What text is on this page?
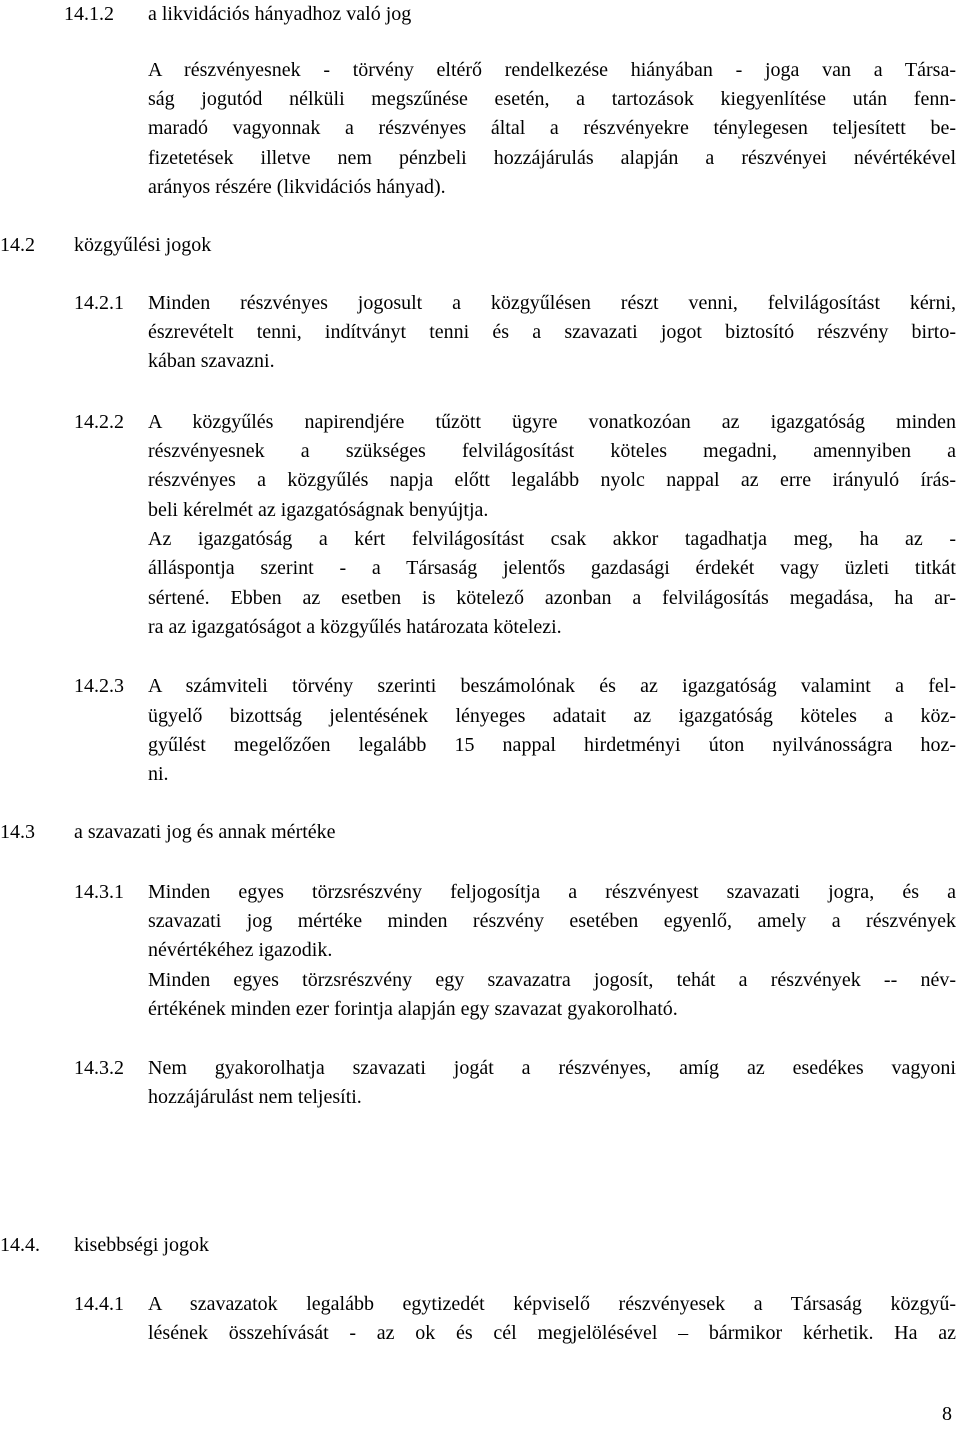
14.1.2 a likvidációs hányadhoz való jog
A részvényesnek - törvény eltérő rendelkezése hiányában - joga van a Társa-
ság jogutód nélküli megszűnése esetén, a tartozások kiegyenlítése után fenn-
maradó vagyonnak a részvényes által a részvényekre ténylegesen teljesített be-
fizetetések illetve nem pénzbeli hozzájárulás alapján a részvényei névértékével
arányos részére (likvidációs hányad).
14.2 közgyűlési jogok
14.2.1 Minden részvényes jogosult a közgyűlésen részt venni, felvilágosítást kérni,
észrevételt tenni, indítványt tenni és a szavazati jogot biztosító részvény birto-
kában szavazni.
14.2.2 A közgyűlés napirendjére tűzött ügyre vonatkozóan az igazgatóság minden
részvényesnek a szükséges felvilágosítást köteles megadni, amennyiben a
részvényes a közgyűlés napja előtt legalább nyolc nappal az erre irányuló írás-
beli kérelmét az igazgatóságnak benyújtja.
Az igazgatóság a kért felvilágosítást csak akkor tagadhatja meg, ha az -
álláspontja szerint - a Társaság jelentős gazdasági érdekét vagy üzleti titkát
sértené. Ebben az esetben is kötelező azonban a felvilágosítás megadása, ha ar-
ra az igazgatóságot a közgyűlés határozata kötelezi.
14.2.3 A számviteli törvény szerinti beszámolónak és az igazgatóság valamint a fel-
ügyelő bizottság jelentésének lényeges adatait az igazgatóság köteles a köz-
gyűlést megelőzően legalább 15 nappal hirdetményi úton nyilvánosságra hoz-
ni.
14.3 a szavazati jog és annak mértéke
14.3.1 Minden egyes törzsrészvény feljogosítja a részvényest szavazati jogra, és a
szavazati jog mértéke minden részvény esetében egyenlő, amely a részvények
névértékéhez igazodik.
Minden egyes törzsrészvény egy szavazatra jogosít, tehát a részvények -- név-
értékének minden ezer forintja alapján egy szavazat gyakorolható.
14.3.2 Nem gyakorolhatja szavazati jogát a részvényes, amíg az esedékes vagyoni
hozzájárulást nem teljesíti.
14.4. kisebbségi jogok
14.4.1 A szavazatok legalább egytizedét képviselő részvényesek a Társaság közgyű-
lésének összehívását - az ok és cél megjelölésével – bármikor kérhetik. Ha az
8
